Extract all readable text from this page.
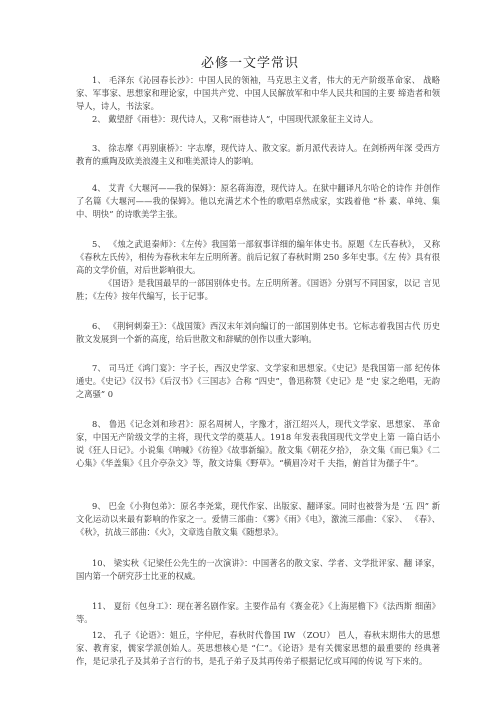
必修一文学常识

1、 毛泽东《沁园春长沙》：中国人民的领袖，马克思主义者，伟大的无产阶级革命家、 战略家、军事家、思想家和理论家，中国共产党、中国人民解放军和中华人民共和国的主要 缔造者和领导人，诗人，书法家。

2、 戴望舒《雨巷》：现代诗人，又称“雨巷诗人”，中国现代派象征主义诗人。

3、 徐志摩《再别康桥》：字志摩，现代诗人、散文家。新月派代表诗人。在剑桥两年深 受西方教育的熏陶及欧美浪漫主义和唯美派诗人的影响。

4、 艾青《大堰河——我的保姆》：原名蒋海澄，现代诗人。在狱中翻译凡尔哈仑的诗作 并创作了名篇《大堰河——我的保姆》。他以充满艺术个性的歌唱卓然成家，实践着他 “朴 素、单纯、集中、明快” 的诗歌美学主张。

5、 《烛之武退秦师》：《左传》我国第一部叙事详细的编年体史书。原题《左氏春秋》， 又称《春秋左氏传》，相传为春秋末年左丘明所著。前后记叙了春秋时期 250 多年史事。《左 传》具有很高的文学价值，对后世影响很大。

《国语》是我国最早的一部国别体史书。左丘明所著。《国语》分别写不同国家，以记 言见胜；《左传》按年代编写，长于记事。

6、 《荆轲刺秦王》：《战国策》西汉末年刘向编订的一部国别体史书。它标志着我国古代 历史散文发展到一个新的高度，给后世散文和辞赋的创作以重大影响。

7、 司马迁《鸿门宴》：字子长，西汉史学家、文学家和思想家。《史记》是我国第一部 纪传体通史。《史记》《汉书》《后汉书》《三国志》合称 “四史”，鲁迅称赞《史记》是 “史 家之绝唱，无韵之离骚” 0

8、 鲁迅《记念刘和珍君》：原名周树人，字豫才，浙江绍兴人，现代文学家、思想家、 革命家，中国无产阶级文学的主将，现代文学的奠基人。1918 年发表我国现代文学史上第 一篇白话小说《狂人日记》。小说集《呐喊》《彷徨》《故事新编》。散文集《朝花夕拾》， 杂文集《而已集》《二心集》《华盖集》《且介亭杂文》等，散文诗集《野草》。“横眉冷对千 夫指，俯首甘为孺子牛”。

9、 巴金《小狗包弟》：原名李尧棠，现代作家、出版家、翻译家。同时也被誉为是 ‘五 四” 新文化运动以来最有影响的作家之一。爱情三部曲：《雾》《雨》《电》，激流三部曲：《家》、 《春》、《秋》，抗战三部曲：《火》，文章选自散文集《随想录》。

10、 梁实秋《记梁任公先生的一次演讲》：中国著名的散文家、学者、文学批评家、翻 译家，国内第一个研究莎士比亚的权威。

11、 夏衍《包身工》：现在著名剧作家。主要作品有《赛金花》《上海屋檐下》《法西斯 细菌》等。

12、 孔子《论语》：姐丘，字仲尼，春秋时代鲁国 IW （ZOU） 邑人，春秋末期伟大的思想 家、教育家，儒家学派创始人。英思想核心是 “仁”。《论语》是有关儒家思想的最重要的 经典著作，是记录孔子及其弟子言行的书，是孔子弟子及其再传弟子根据记忆或耳闻的传说 写下来的。
